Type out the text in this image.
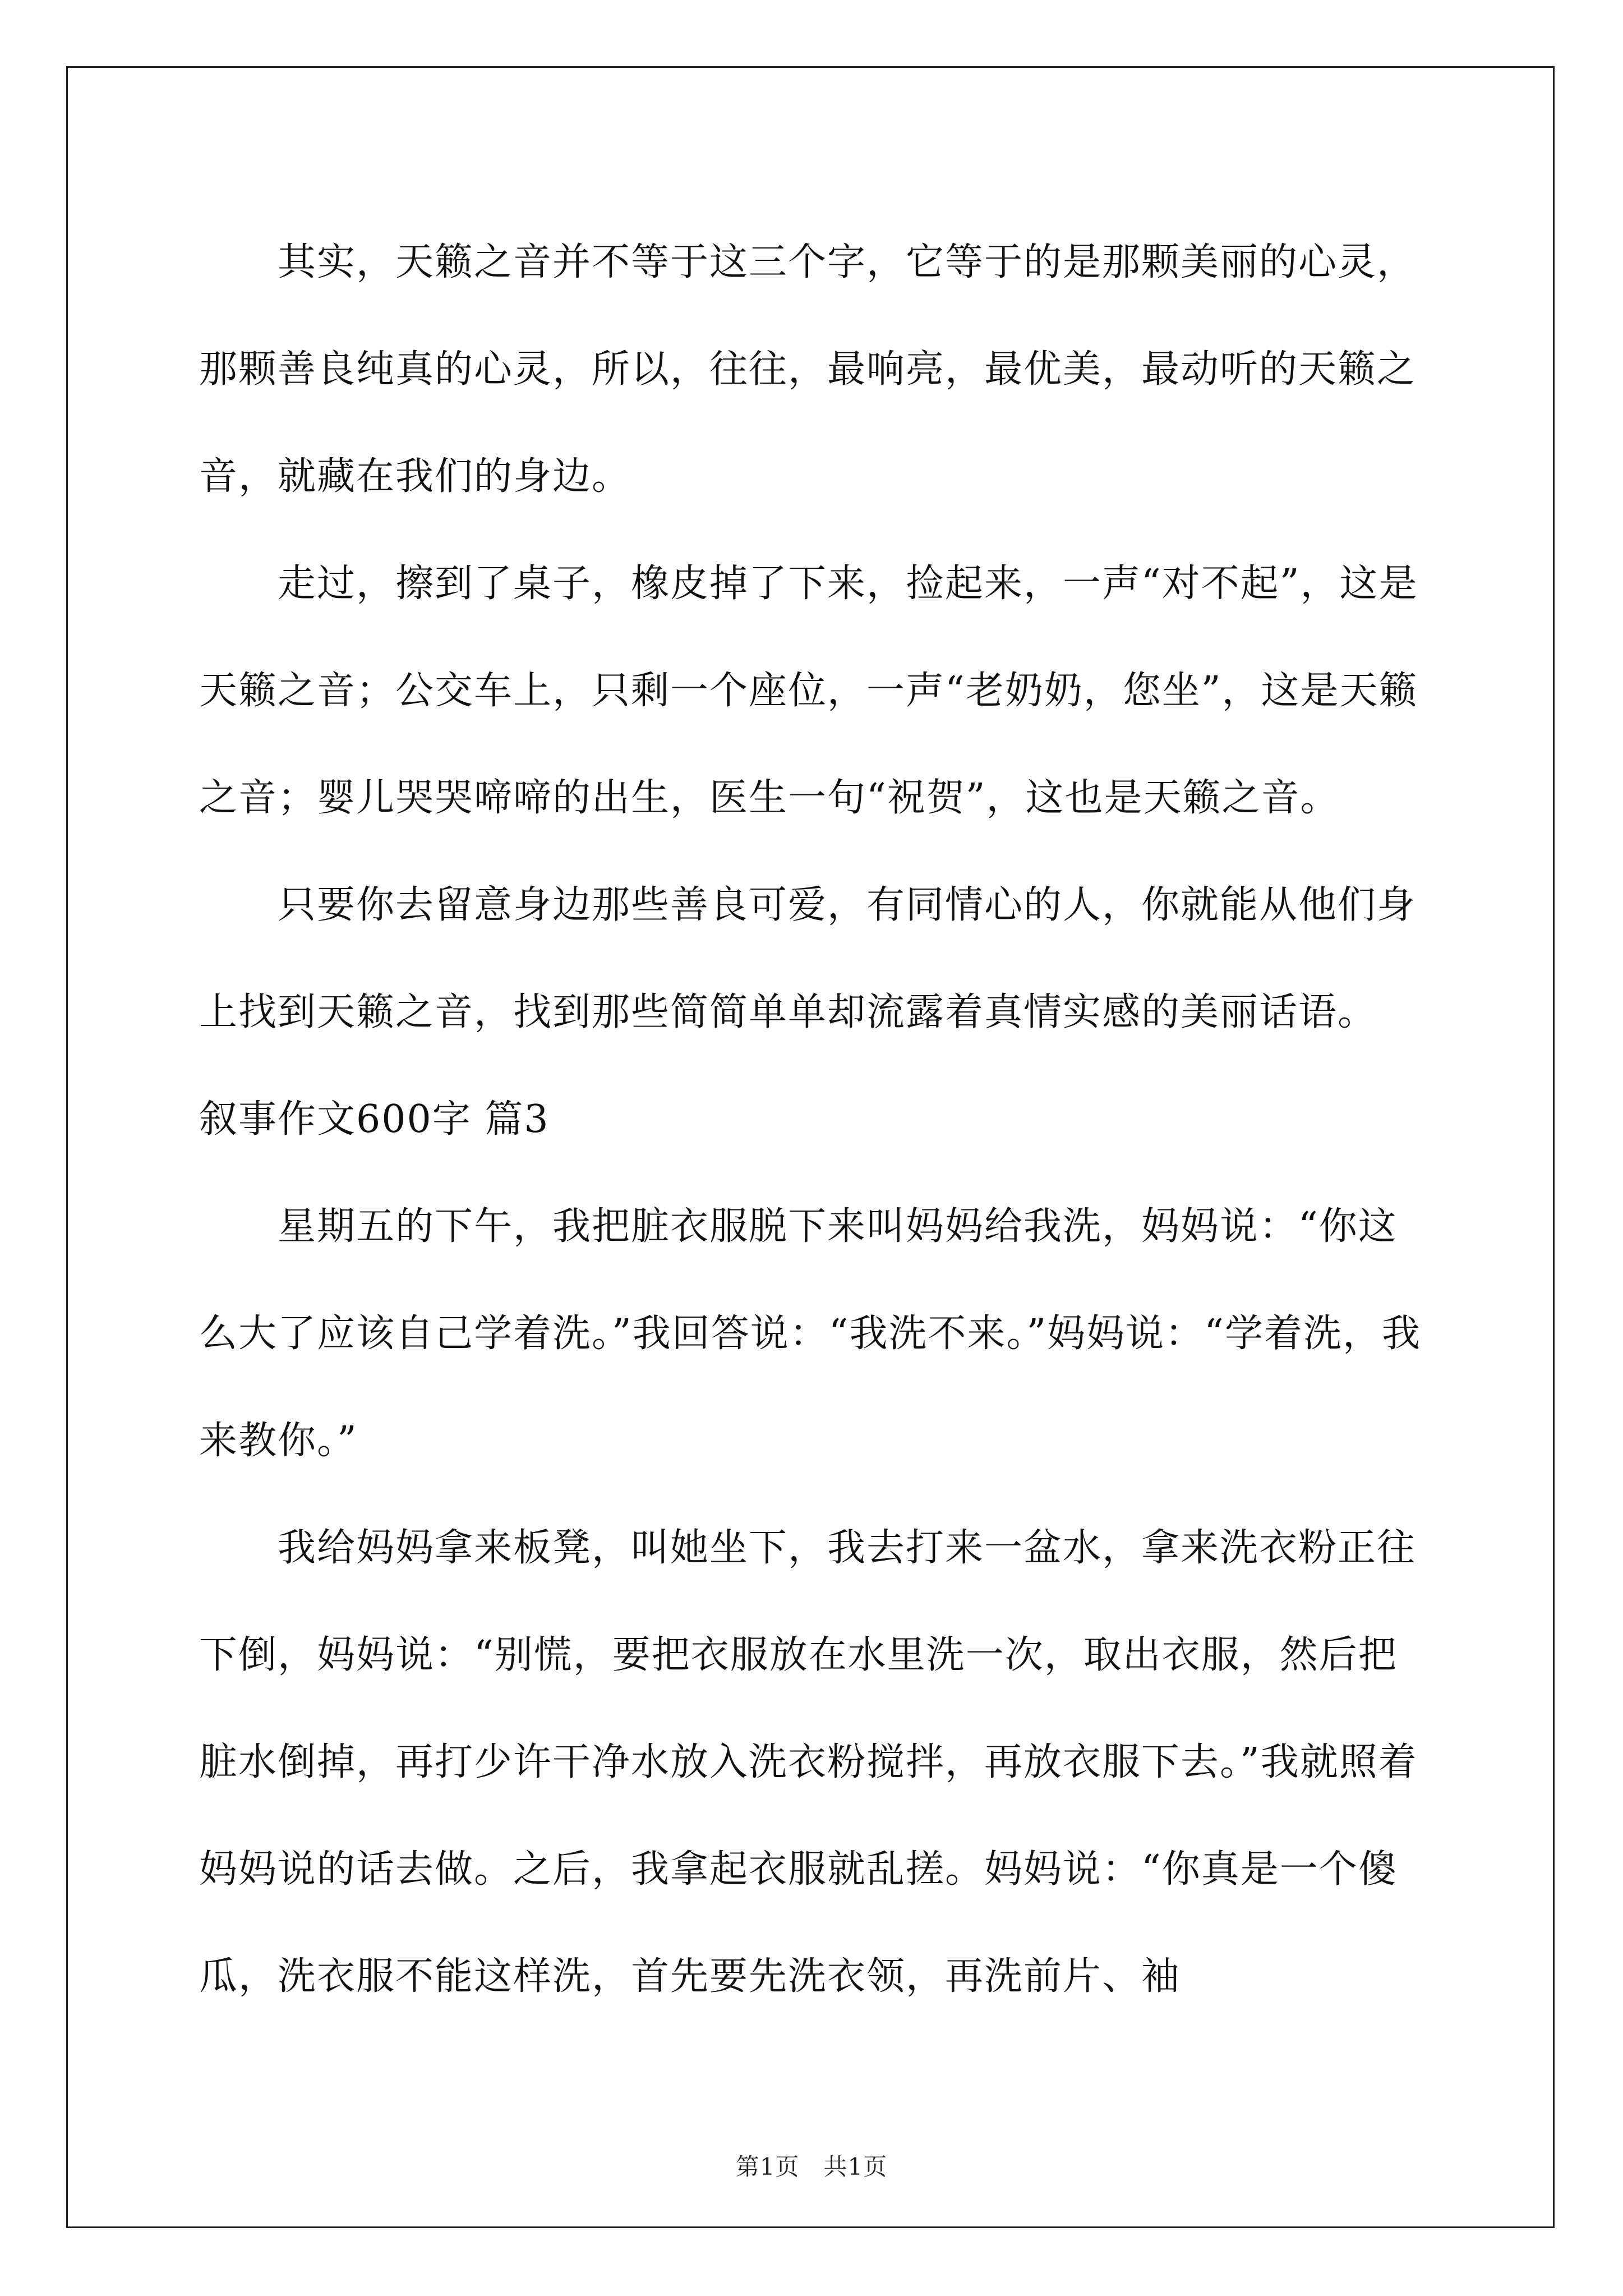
　　其实，天籁之音并不等于这三个字，它等于的是那颗美丽的心灵，那颗善良纯真的心灵，所以，往往，最响亮，最优美，最动听的天籁之音，就藏在我们的身边。

　　走过，擦到了桌子，橡皮掉了下来，捡起来，一声“对不起”，这是天籁之音；公交车上，只剩一个座位，一声“老奶奶，您坐”，这是天籁之音；婴儿哭哭啼啼的出生，医生一句“祝贺”，这也是天籁之音。

　　只要你去留意身边那些善良可爱，有同情心的人，你就能从他们身上找到天籁之音，找到那些简简单单却流露着真情实感的美丽话语。

叙事作文600字 篇3

　　星期五的下午，我把脏衣服脱下来叫妈妈给我洗，妈妈说：“你这么大了应该自己学着洗。”我回答说：“我洗不来。”妈妈说：“学着洗，我来教你。”

　　我给妈妈拿来板凳，叫她坐下，我去打来一盆水，拿来洗衣粉正往下倒，妈妈说：“别慌，要把衣服放在水里洗一次，取出衣服，然后把脏水倒掉，再打少许干净水放入洗衣粉搅拌，再放衣服下去。”我就照着妈妈说的话去做。之后，我拿起衣服就乱搓。妈妈说：“你真是一个傻瓜，洗衣服不能这样洗，首先要先洗衣领，再洗前片、袖

第1页　共1页
